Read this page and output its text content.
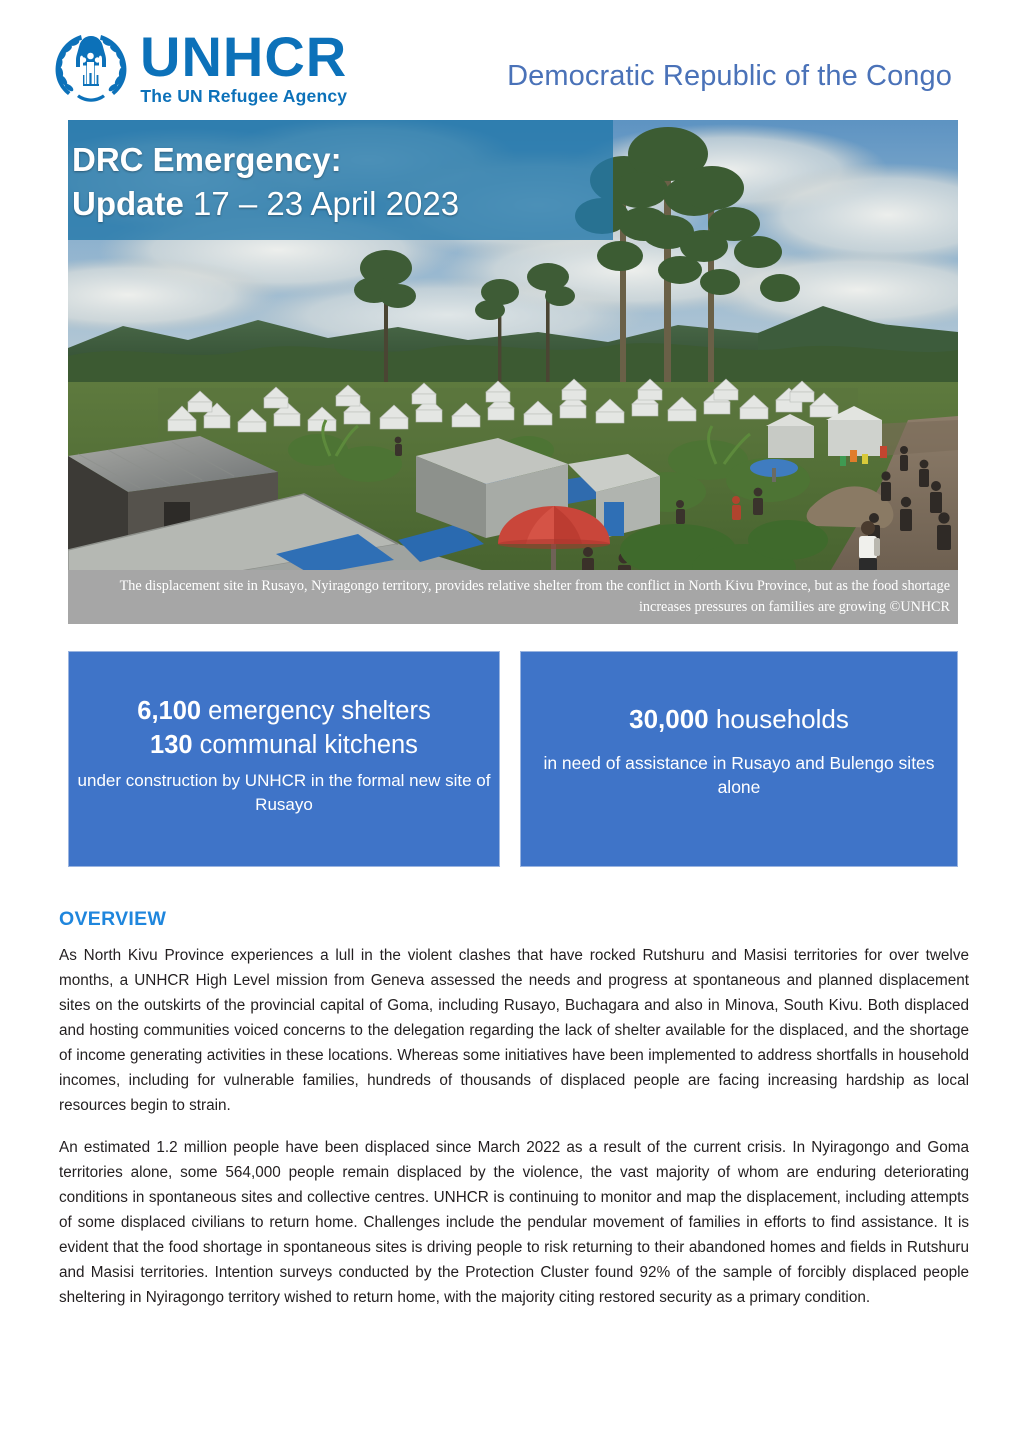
UNHCR
The UN Refugee Agency
Democratic Republic of the Congo
DRC Emergency:
Update 17 – 23 April 2023
The displacement site in Rusayo, Nyiragongo territory, provides relative shelter from the conflict in North Kivu Province, but as the food shortage increases pressures on families are growing ©UNHCR
6,100 emergency shelters
130 communal kitchens
under construction by UNHCR in the formal new site of Rusayo
30,000 households
in need of assistance in Rusayo and Bulengo sites alone
OVERVIEW

As North Kivu Province experiences a lull in the violent clashes that have rocked Rutshuru and Masisi territories for over twelve months, a UNHCR High Level mission from Geneva assessed the needs and progress at spontaneous and planned displacement sites on the outskirts of the provincial capital of Goma, including Rusayo, Buchagara and also in Minova, South Kivu. Both displaced and hosting communities voiced concerns to the delegation regarding the lack of shelter available for the displaced, and the shortage of income generating activities in these locations. Whereas some initiatives have been implemented to address shortfalls in household incomes, including for vulnerable families, hundreds of thousands of displaced people are facing increasing hardship as local resources begin to strain.

An estimated 1.2 million people have been displaced since March 2022 as a result of the current crisis. In Nyiragongo and Goma territories alone, some 564,000 people remain displaced by the violence, the vast majority of whom are enduring deteriorating conditions in spontaneous sites and collective centres. UNHCR is continuing to monitor and map the displacement, including attempts of some displaced civilians to return home. Challenges include the pendular movement of families in efforts to find assistance. It is evident that the food shortage in spontaneous sites is driving people to risk returning to their abandoned homes and fields in Rutshuru and Masisi territories. Intention surveys conducted by the Protection Cluster found 92% of the sample of forcibly displaced people sheltering in Nyiragongo territory wished to return home, with the majority citing restored security as a primary condition.
